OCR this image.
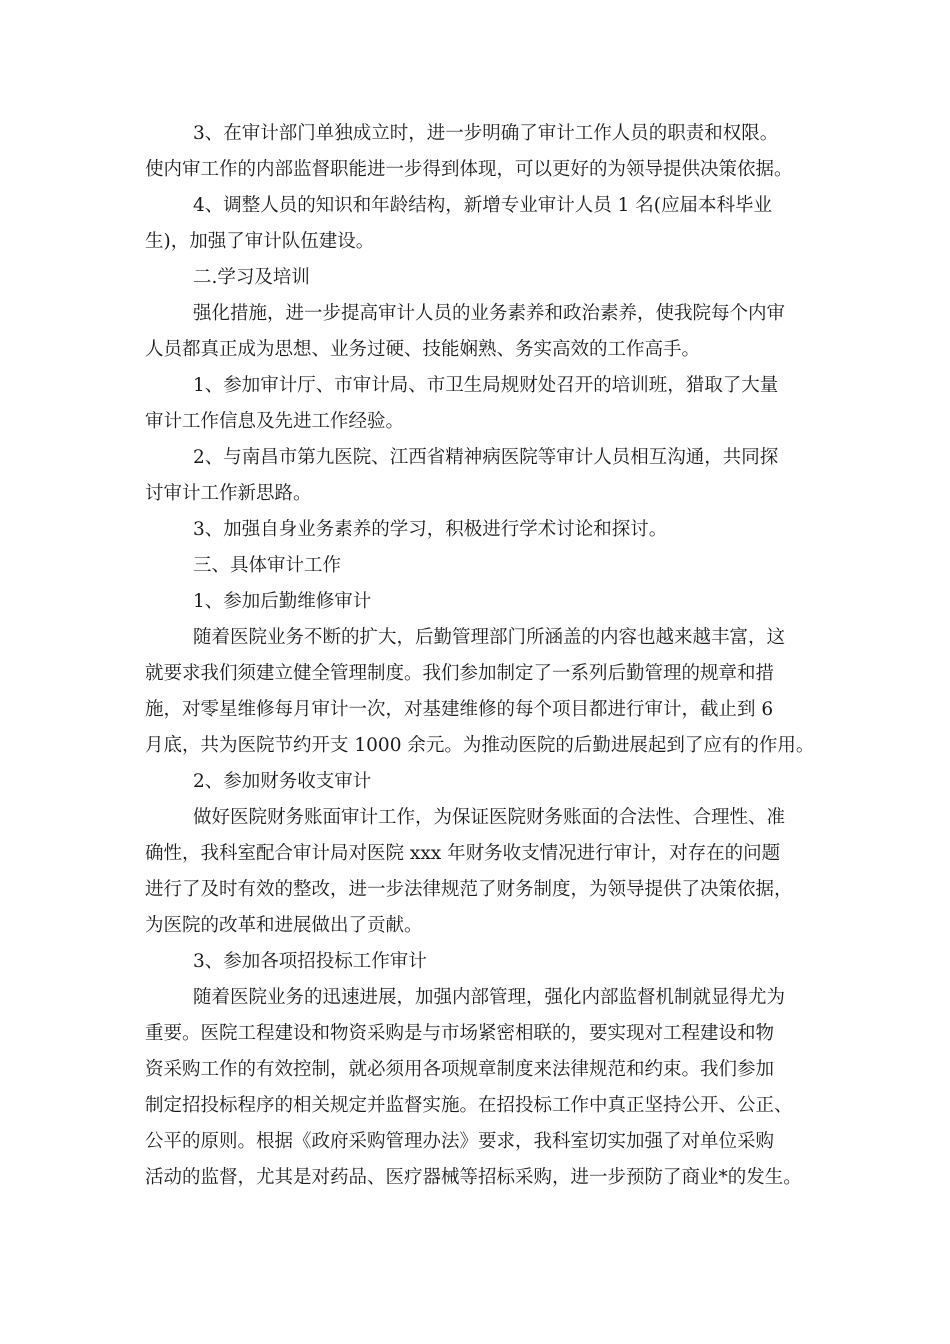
3、在审计部门单独成立时，进一步明确了审计工作人员的职责和权限。
使内审工作的内部监督职能进一步得到体现，可以更好的为领导提供决策依据。
4、调整人员的知识和年龄结构，新增专业审计人员 1 名(应届本科毕业
生)，加强了审计队伍建设。
二.学习及培训
强化措施，进一步提高审计人员的业务素养和政治素养，使我院每个内审
人员都真正成为思想、业务过硬、技能娴熟、务实高效的工作高手。
1、参加审计厅、市审计局、市卫生局规财处召开的培训班，猎取了大量
审计工作信息及先进工作经验。
2、与南昌市第九医院、江西省精神病医院等审计人员相互沟通，共同探
讨审计工作新思路。
3、加强自身业务素养的学习，积极进行学术讨论和探讨。
三、具体审计工作
1、参加后勤维修审计
随着医院业务不断的扩大，后勤管理部门所涵盖的内容也越来越丰富，这
就要求我们须建立健全管理制度。我们参加制定了一系列后勤管理的规章和措
施，对零星维修每月审计一次，对基建维修的每个项目都进行审计，截止到 6
月底，共为医院节约开支 1000 余元。为推动医院的后勤进展起到了应有的作用。
2、参加财务收支审计
做好医院财务账面审计工作，为保证医院财务账面的合法性、合理性、准
确性，我科室配合审计局对医院 xxx 年财务收支情况进行审计，对存在的问题
进行了及时有效的整改，进一步法律规范了财务制度，为领导提供了决策依据，
为医院的改革和进展做出了贡献。
3、参加各项招投标工作审计
随着医院业务的迅速进展，加强内部管理，强化内部监督机制就显得尤为
重要。医院工程建设和物资采购是与市场紧密相联的，要实现对工程建设和物
资采购工作的有效控制，就必须用各项规章制度来法律规范和约束。我们参加
制定招投标程序的相关规定并监督实施。在招投标工作中真正坚持公开、公正、
公平的原则。根据《政府采购管理办法》要求，我科室切实加强了对单位采购
活动的监督，尤其是对药品、医疗器械等招标采购，进一步预防了商业*的发生。
